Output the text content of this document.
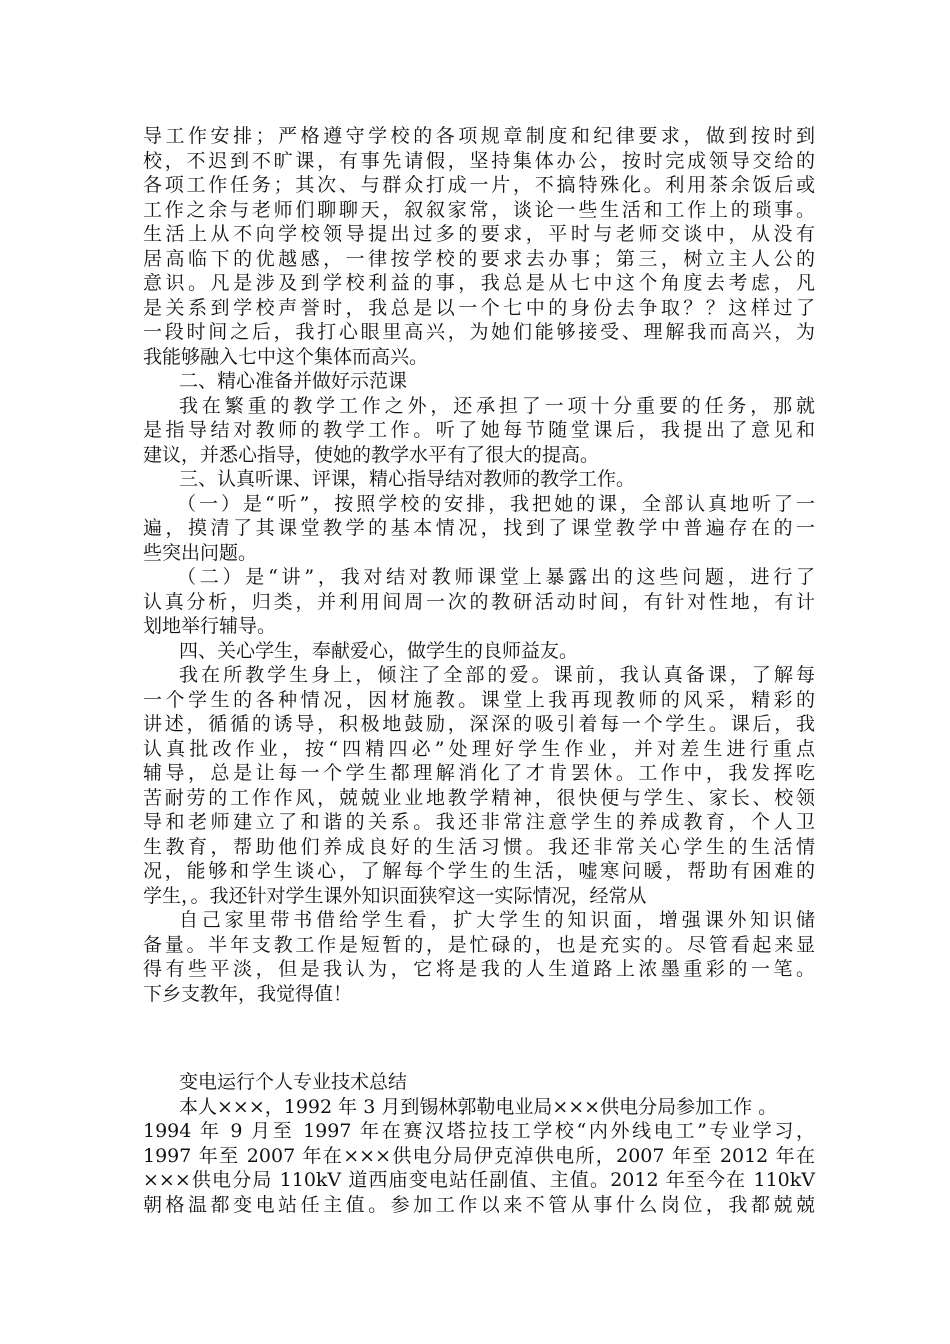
导工作安排；严格遵守学校的各项规章制度和纪律要求，做到按时到
校，不迟到不旷课，有事先请假，坚持集体办公，按时完成领导交给的
各项工作任务；其次、与群众打成一片，不搞特殊化。利用茶余饭后或
工作之余与老师们聊聊天，叙叙家常，谈论一些生活和工作上的琐事。
生活上从不向学校领导提出过多的要求，平时与老师交谈中，从没有
居高临下的优越感，一律按学校的要求去办事；第三，树立主人公的
意识。凡是涉及到学校利益的事，我总是从七中这个角度去考虑，凡
是关系到学校声誉时，我总是以一个七中的身份去争取？？这样过了
一段时间之后，我打心眼里高兴，为她们能够接受、理解我而高兴，为
我能够融入七中这个集体而高兴。
二、精心准备并做好示范课
我在繁重的教学工作之外，还承担了一项十分重要的任务，那就
是指导结对教师的教学工作。听了她每节随堂课后，我提出了意见和
建议，并悉心指导，使她的教学水平有了很大的提高。
三、认真听课、评课，精心指导结对教师的教学工作。
（一）是“听”，按照学校的安排，我把她的课，全部认真地听了一
遍，摸清了其课堂教学的基本情况，找到了课堂教学中普遍存在的一
些突出问题。
（二）是“讲”，我对结对教师课堂上暴露出的这些问题，进行了
认真分析，归类，并利用间周一次的教研活动时间，有针对性地，有计
划地举行辅导。
四、关心学生，奉献爱心，做学生的良师益友。
我在所教学生身上，倾注了全部的爱。课前，我认真备课，了解每
一个学生的各种情况，因材施教。课堂上我再现教师的风采，精彩的
讲述，循循的诱导，积极地鼓励，深深的吸引着每一个学生。课后，我
认真批改作业，按“四精四必”处理好学生作业，并对差生进行重点
辅导，总是让每一个学生都理解消化了才肯罢休。工作中，我发挥吃
苦耐劳的工作作风，兢兢业业地教学精神，很快便与学生、家长、校领
导和老师建立了和谐的关系。我还非常注意学生的养成教育，个人卫
生教育，帮助他们养成良好的生活习惯。我还非常关心学生的生活情
况，能够和学生谈心，了解每个学生的生活，嘘寒问暖，帮助有困难的
学生，。我还针对学生课外知识面狭窄这一实际情况，经常从
自己家里带书借给学生看，扩大学生的知识面，增强课外知识储
备量。半年支教工作是短暂的，是忙碌的，也是充实的。尽管看起来显
得有些平淡，但是我认为，它将是我的人生道路上浓墨重彩的一笔。
下乡支教年，我觉得值！
变电运行个人专业技术总结
本人×××，1992 年 3 月到锡林郭勒电业局×××供电分局参加工作 。
1994 年 9 月至 1997 年在赛汉塔拉技工学校“内外线电工”专业学习，
1997 年至 2007 年在×××供电分局伊克淖供电所，2007 年至 2012 年在
×××供电分局 110kV 道西庙变电站任副值、主值。2012 年至今在 110kV
朝格温都变电站任主值。参加工作以来不管从事什么岗位，我都兢兢
